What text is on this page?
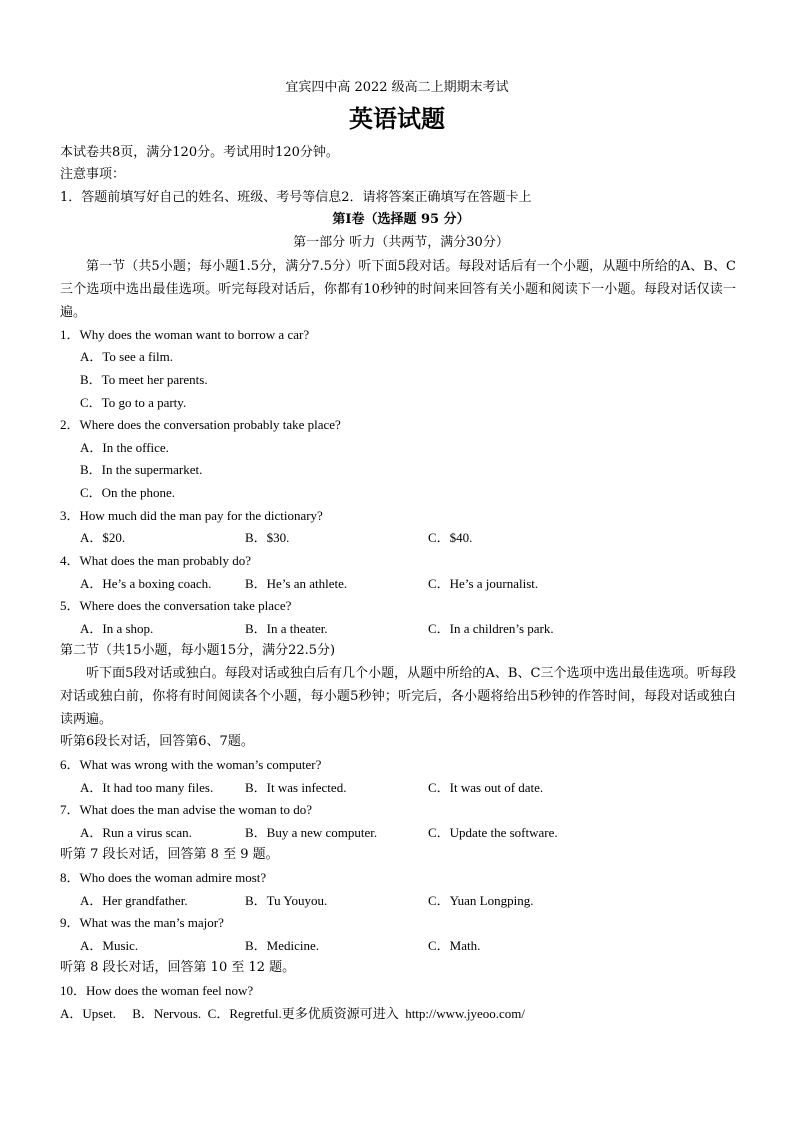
宜宾四中高 2022 级高二上期期末考试
英语试题
本试卷共8页，满分120分。考试用时120分钟。
注意事项：
1．答题前填写好自己的姓名、班级、考号等信息2．请将答案正确填写在答题卡上
第I卷（选择题 95 分）
第一部分 听力（共两节，满分30分）
第一节（共5小题；每小题1.5分，满分7.5分）听下面5段对话。每段对话后有一个小题，从题中所给的A、B、C三个选项中选出最佳选项。听完每段对话后，你都有10秒钟的时间来回答有关小题和阅读下一小题。每段对话仅读一遍。
1．Why does the woman want to borrow a car?
A．To see a film.
B．To meet her parents.
C．To go to a party.
2．Where does the conversation probably take place?
A．In the office.
B．In the supermarket.
C．On the phone.
3．How much did the man pay for the dictionary?
A．$20.	B．$30.	C．$40.
4．What does the man probably do?
A．He’s a boxing coach.	B．He’s an athlete.	C．He’s a journalist.
5．Where does the conversation take place?
A．In a shop.	B．In a theater.	C．In a children’s park.
第二节（共15小题，每小题15分，满分22.5分)
听下面5段对话或独白。每段对话或独白后有几个小题，从题中所给的A、B、C三个选项中选出最佳选项。听每段对话或独白前，你将有时间阅读各个小题，每小题5秒钟；听完后，各小题将给出5秒钟的作答时间，每段对话或独白读两遍。
听第6段长对话，回答第6、7题。
6．What was wrong with the woman’s computer?
A．It had too many files. B．It was infected.	C．It was out of date.
7．What does the man advise the woman to do?
A．Run a virus scan.	B．Buy a new computer.	C．Update the software.
听第 7 段长对话，回答第 8 至 9 题。
8．Who does the woman admire most?
A．Her grandfather.	B．Tu Youyou.	C．Yuan Longping.
9．What was the man’s major?
A．Music.	B．Medicine.	C．Math.
听第 8 段长对话，回答第 10 至 12 题。
10．How does the woman feel now?
A．Upset.     B．Nervous.  C．Regretful.更多优质资源可进入  http://www.jyeoo.com/
